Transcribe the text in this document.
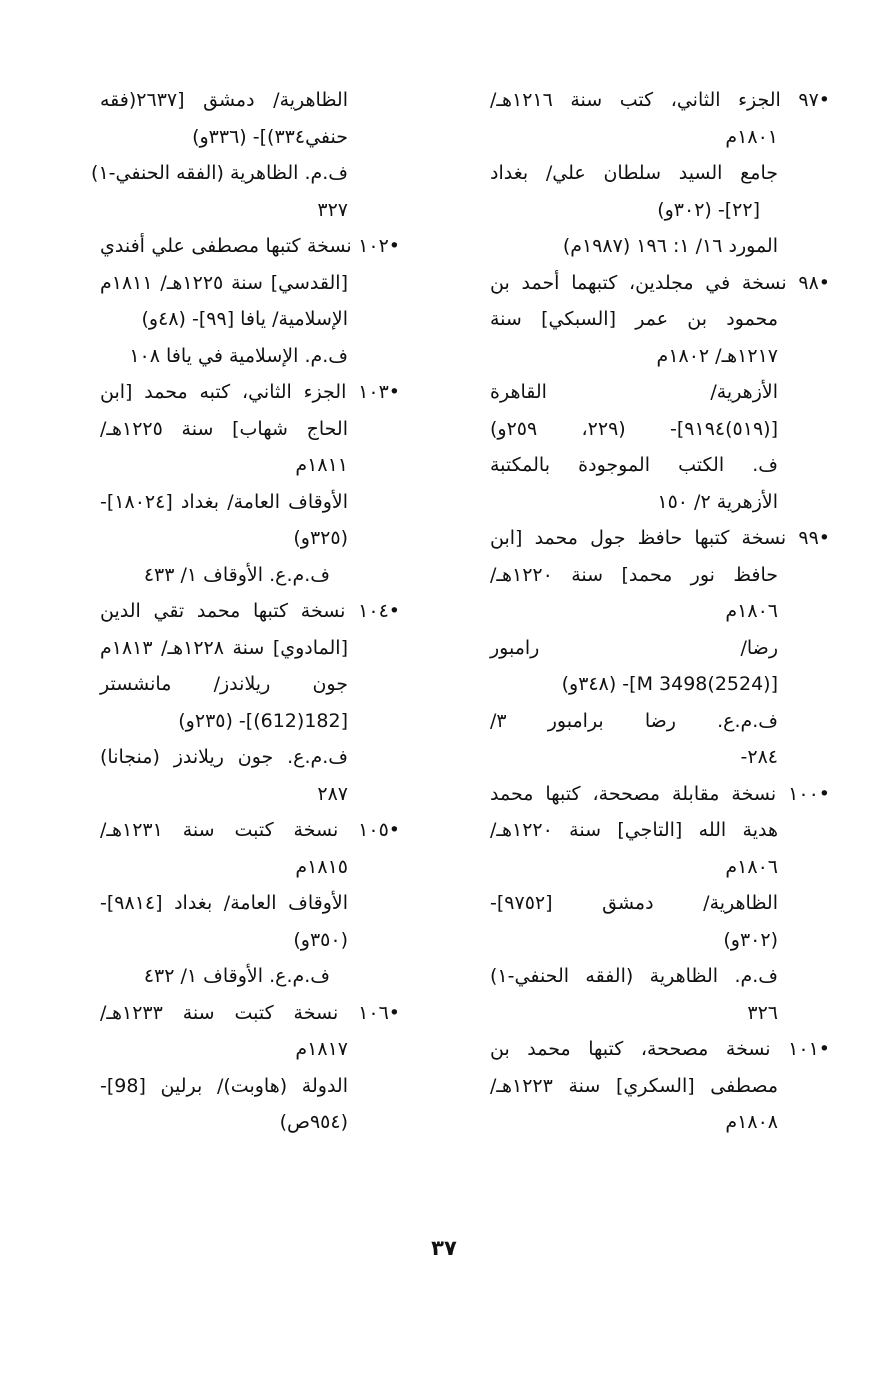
•٩٧ الجزء الثاني، كتب سنة ١٢١٦هـ/
١٨٠١م
جامع السيد سلطان علي/ بغداد
[٢٢]- (٣٠٢و)
المورد ١٦/ ١: ١٩٦ (١٩٨٧م)
•٩٨ نسخة في مجلدين، كتبهما أحمد بن
محمود بن عمر [السبكي] سنة
١٢١٧هـ/ ١٨٠٢م
الأزهرية/ القاهرة
[(٥١٩)٩١٩٤]- (٢٢٩، ٢٥٩و)
ف. الكتب الموجودة بالمكتبة
الأزهرية ٢/ ١٥٠
•٩٩ نسخة كتبها حافظ جول محمد [ابن
حافظ نور محمد] سنة ١٢٢٠هـ/
١٨٠٦م
رضا/ رامبور
[(2524)3498 M]- (٣٤٨و)
ف.م.ع. رضا برامبور ٣/
٢٨٤-
•١٠٠ نسخة مقابلة مصححة، كتبها محمد
هدية الله [التاجي] سنة ١٢٢٠هـ/
١٨٠٦م
الظاهرية/ دمشق [٩٧٥٢]-
(٣٠٢و)
ف.م. الظاهرية (الفقه الحنفي-١)
٣٢٦
•١٠١ نسخة مصححة، كتبها محمد بن
مصطفى [السكري] سنة ١٢٢٣هـ/
١٨٠٨م
الظاهرية/ دمشق [٢٦٣٧(فقه
حنفي٣٣٤)]- (٣٣٦و)
ف.م. الظاهرية (الفقه الحنفي-١)
٣٢٧
•١٠٢ نسخة كتبها مصطفى علي أفندي
[القدسي] سنة ١٢٢٥هـ/ ١٨١١م
الإسلامية/ يافا [٩٩]- (٤٨و)
ف.م. الإسلامية في يافا ١٠٨
•١٠٣ الجزء الثاني، كتبه محمد [ابن
الحاج شهاب] سنة ١٢٢٥هـ/
١٨١١م
الأوقاف العامة/ بغداد [١٨٠٢٤]-
(٣٢٥و)
ف.م.ع. الأوقاف ١/ ٤٣٣
•١٠٤ نسخة كتبها محمد تقي الدين
[المادوي] سنة ١٢٢٨هـ/ ١٨١٣م
جون ريلاندز/ مانشستر
[182(612)]- (٢٣٥و)
ف.م.ع. جون ريلاندز (منجانا)
٢٨٧
•١٠٥ نسخة كتبت سنة ١٢٣١هـ/
١٨١٥م
الأوقاف العامة/ بغداد [٩٨١٤]-
(٣٥٠و)
ف.م.ع. الأوقاف ١/ ٤٣٢
•١٠٦ نسخة كتبت سنة ١٢٣٣هـ/
١٨١٧م
الدولة (هاوبت)/ برلين [98]-
(٩٥٤ص)
٣٧
